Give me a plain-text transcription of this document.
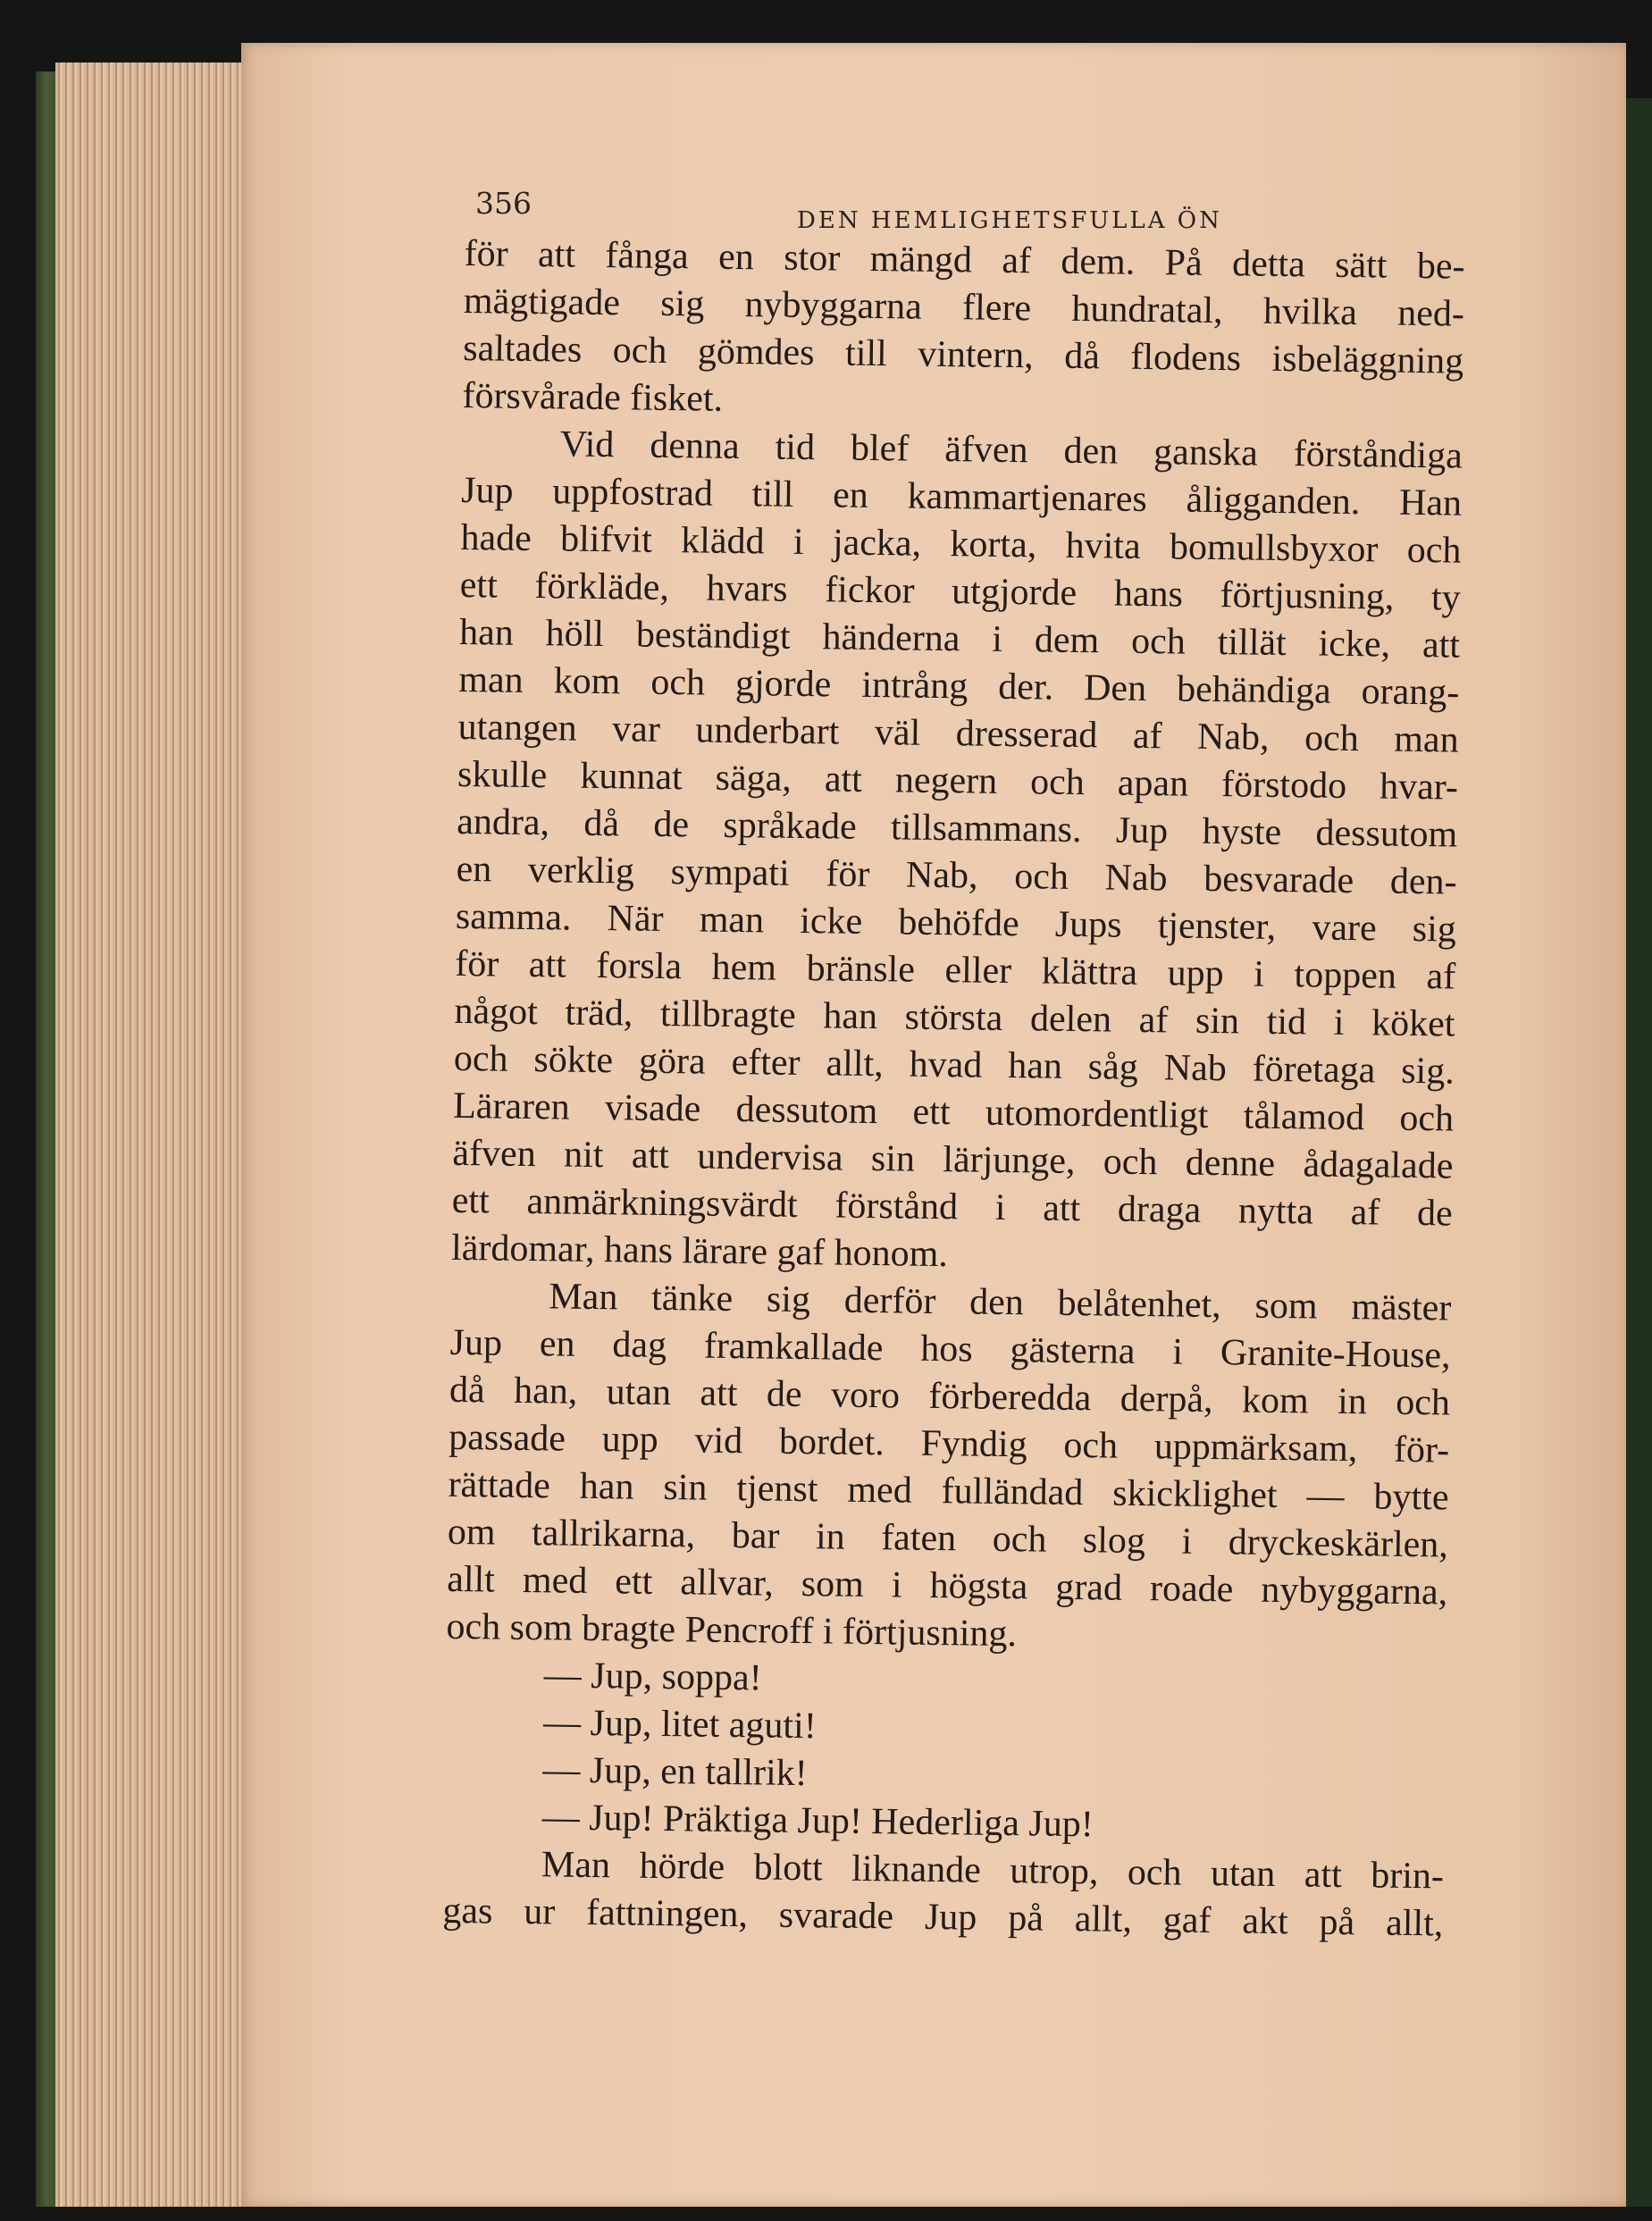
356	DEN HEMLIGHETSFULLA ÖN
för att fånga en stor mängd af dem. På detta sätt be-
mägtigade sig nybyggarna flere hundratal, hvilka ned-
saltades och gömdes till vintern, då flodens isbeläggning
försvårade fisket.
Vid denna tid blef äfven den ganska förståndiga
Jup uppfostrad till en kammartjenares åligganden. Han
hade blifvit klädd i jacka, korta, hvita bomullsbyxor och
ett förkläde, hvars fickor utgjorde hans förtjusning, ty
han höll beständigt händerna i dem och tillät icke, att
man kom och gjorde intrång der. Den behändiga orang-
utangen var underbart väl dresserad af Nab, och man
skulle kunnat säga, att negern och apan förstodo hvar-
andra, då de språkade tillsammans. Jup hyste dessutom
en verklig sympati för Nab, och Nab besvarade den-
samma. När man icke behöfde Jups tjenster, vare sig
för att forsla hem bränsle eller klättra upp i toppen af
något träd, tillbragte han största delen af sin tid i köket
och sökte göra efter allt, hvad han såg Nab företaga sig.
Läraren visade dessutom ett utomordentligt tålamod och
äfven nit att undervisa sin lärjunge, och denne ådagalade
ett anmärkningsvärdt förstånd i att draga nytta af de
lärdomar, hans lärare gaf honom.
Man tänke sig derför den belåtenhet, som mäster
Jup en dag framkallade hos gästerna i Granite-House,
då han, utan att de voro förberedda derpå, kom in och
passade upp vid bordet. Fyndig och uppmärksam, för-
rättade han sin tjenst med fulländad skicklighet — bytte
om tallrikarna, bar in faten och slog i dryckeskärlen,
allt med ett allvar, som i högsta grad roade nybyggarna,
och som bragte Pencroff i förtjusning.
— Jup, soppa!
— Jup, litet aguti!
— Jup, en tallrik!
— Jup! Präktiga Jup! Hederliga Jup!
Man hörde blott liknande utrop, och utan att brin-
gas ur fattningen, svarade Jup på allt, gaf akt på allt,
